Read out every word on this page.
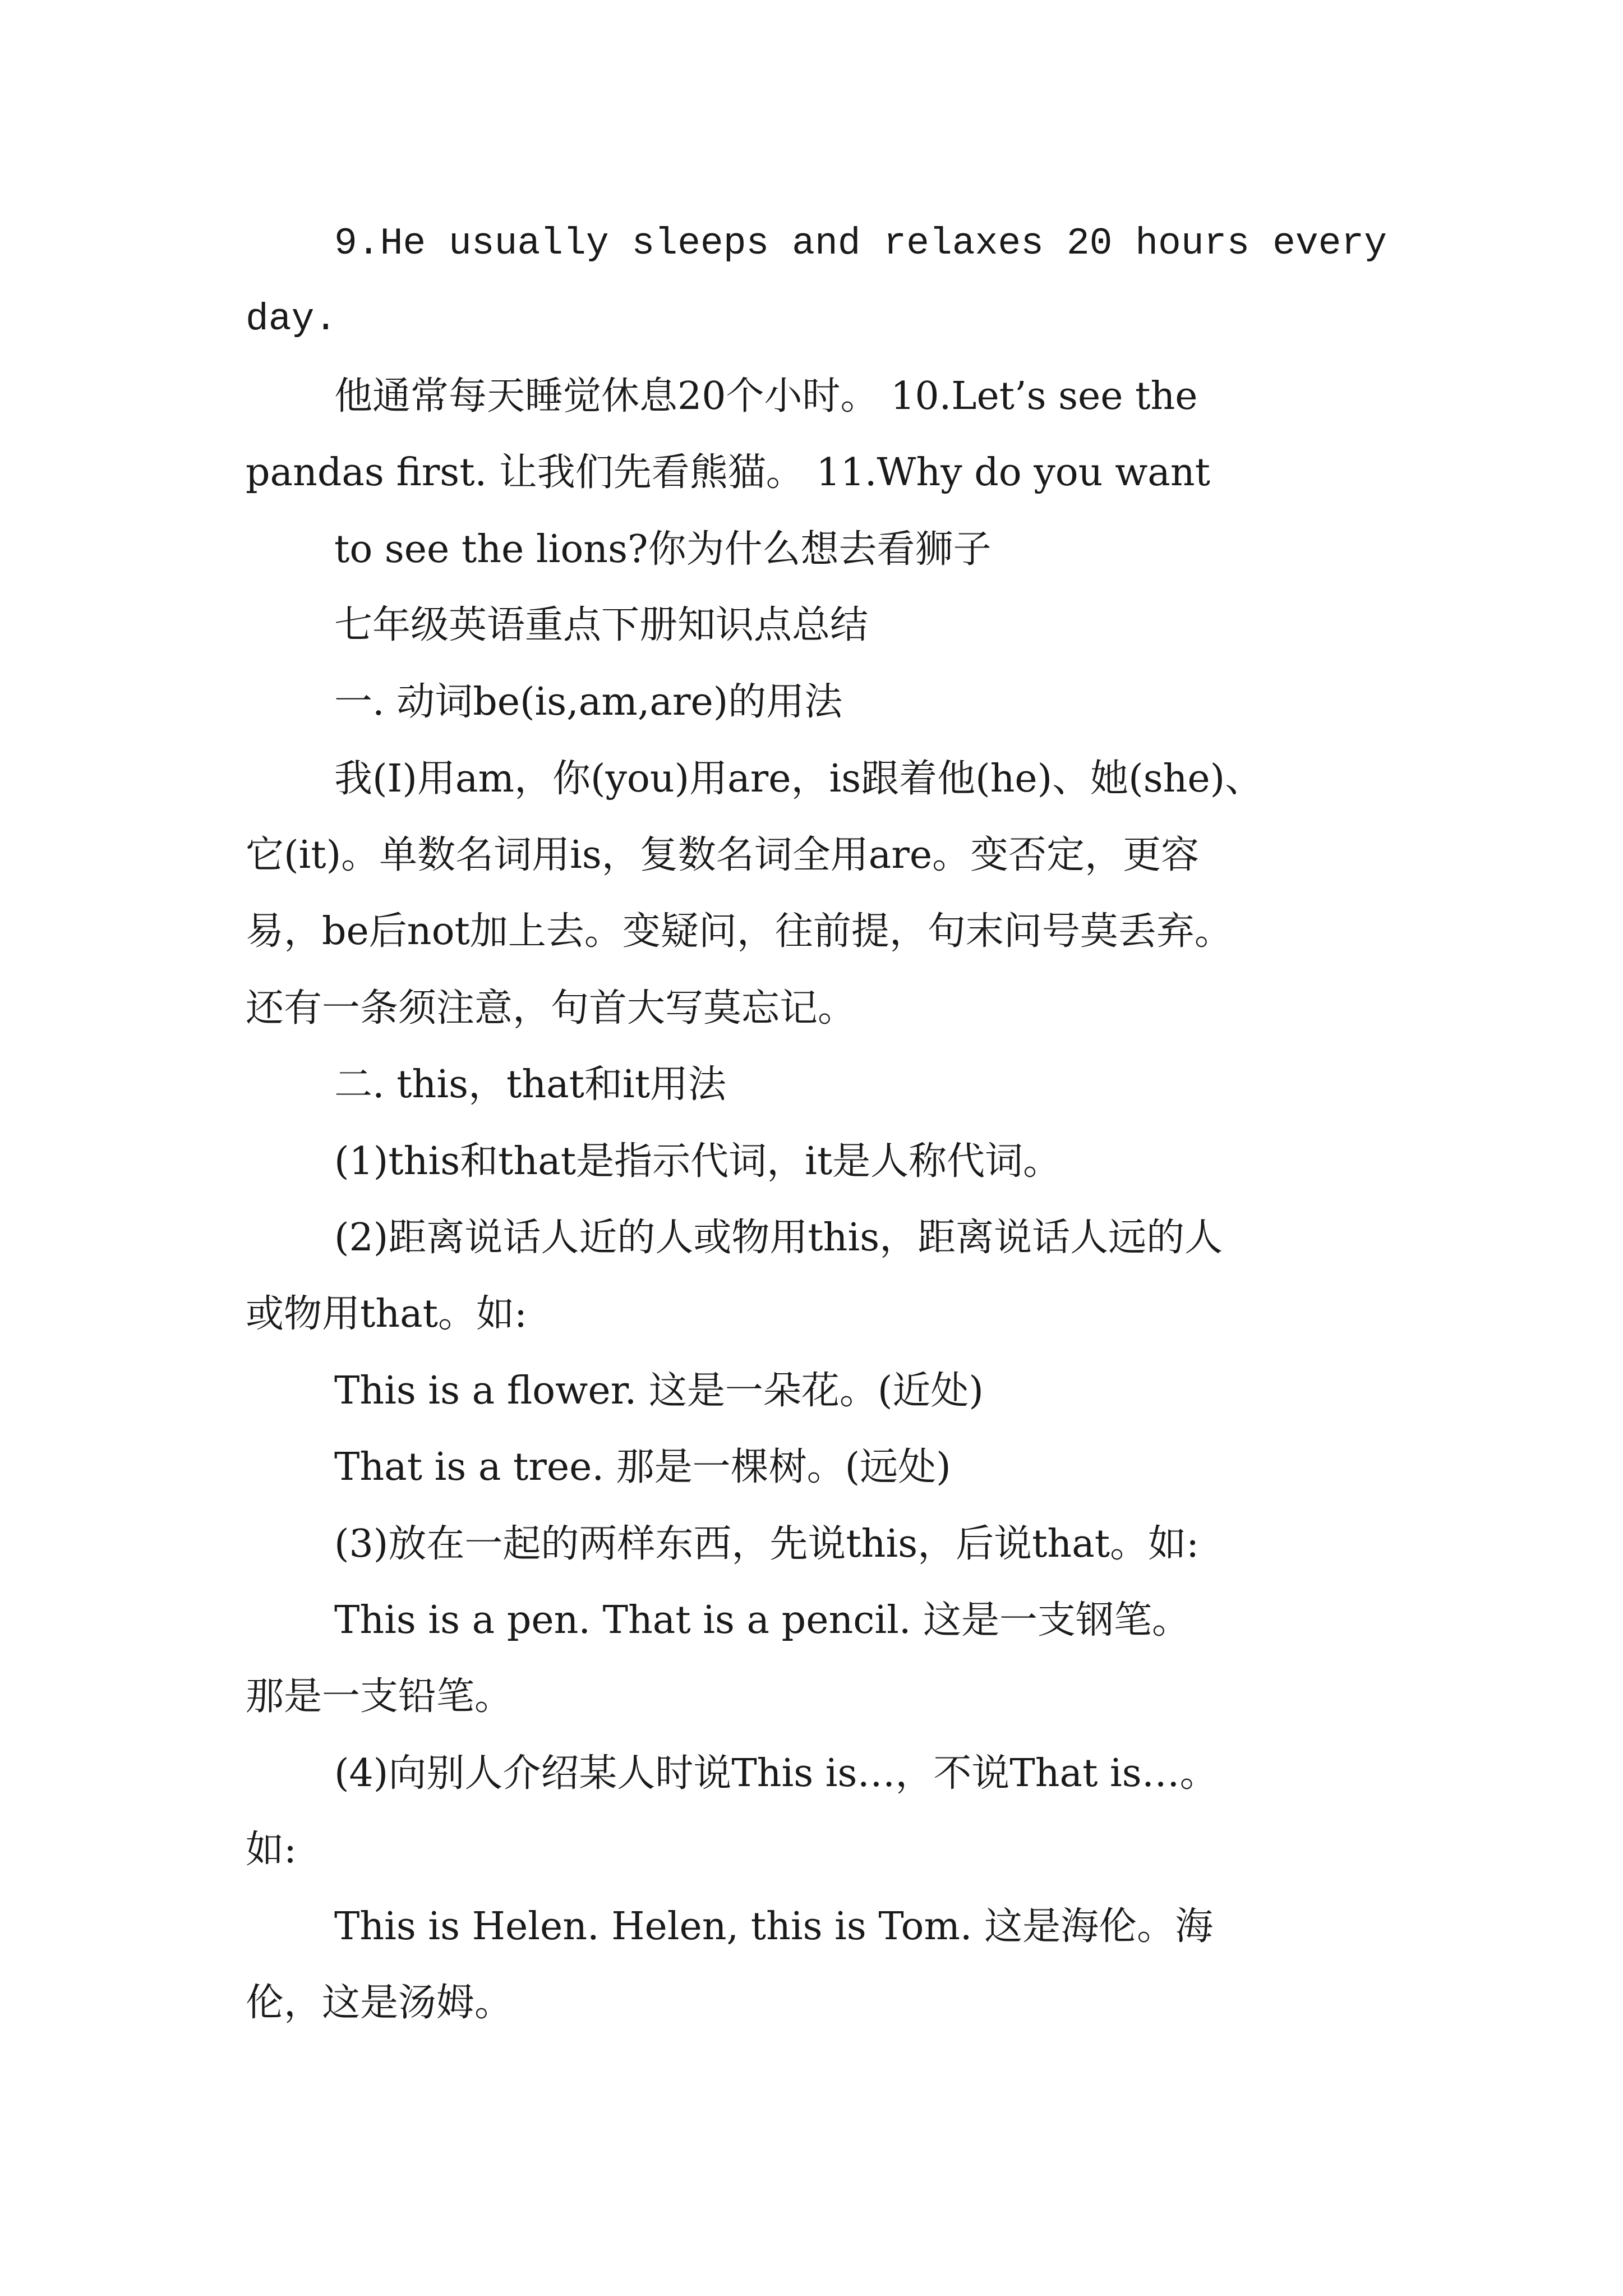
9.He usually sleeps and relaxes 20 hours every
day.
他通常每天睡觉休息20个小时。 10.Let’s see the
pandas first. 让我们先看熊猫。 11.Why do you want
to see the lions?你为什么想去看狮子
七年级英语重点下册知识点总结
一. 动词be(is,am,are)的用法
我(I)用am，你(you)用are，is跟着他(he)、她(she)、
它(it)。单数名词用is，复数名词全用are。变否定，更容
易，be后not加上去。变疑问，往前提，句末问号莫丢弃。
还有一条须注意，句首大写莫忘记。
二. this，that和it用法
(1)this和that是指示代词，it是人称代词。
(2)距离说话人近的人或物用this，距离说话人远的人
或物用that。如:
This is a flower. 这是一朵花。(近处)
That is a tree. 那是一棵树。(远处)
(3)放在一起的两样东西，先说this，后说that。如:
This is a pen. That is a pencil. 这是一支钢笔。
那是一支铅笔。
(4)向别人介绍某人时说This is…，不说That is…。
如:
This is Helen. Helen, this is Tom. 这是海伦。海
伦，这是汤姆。
